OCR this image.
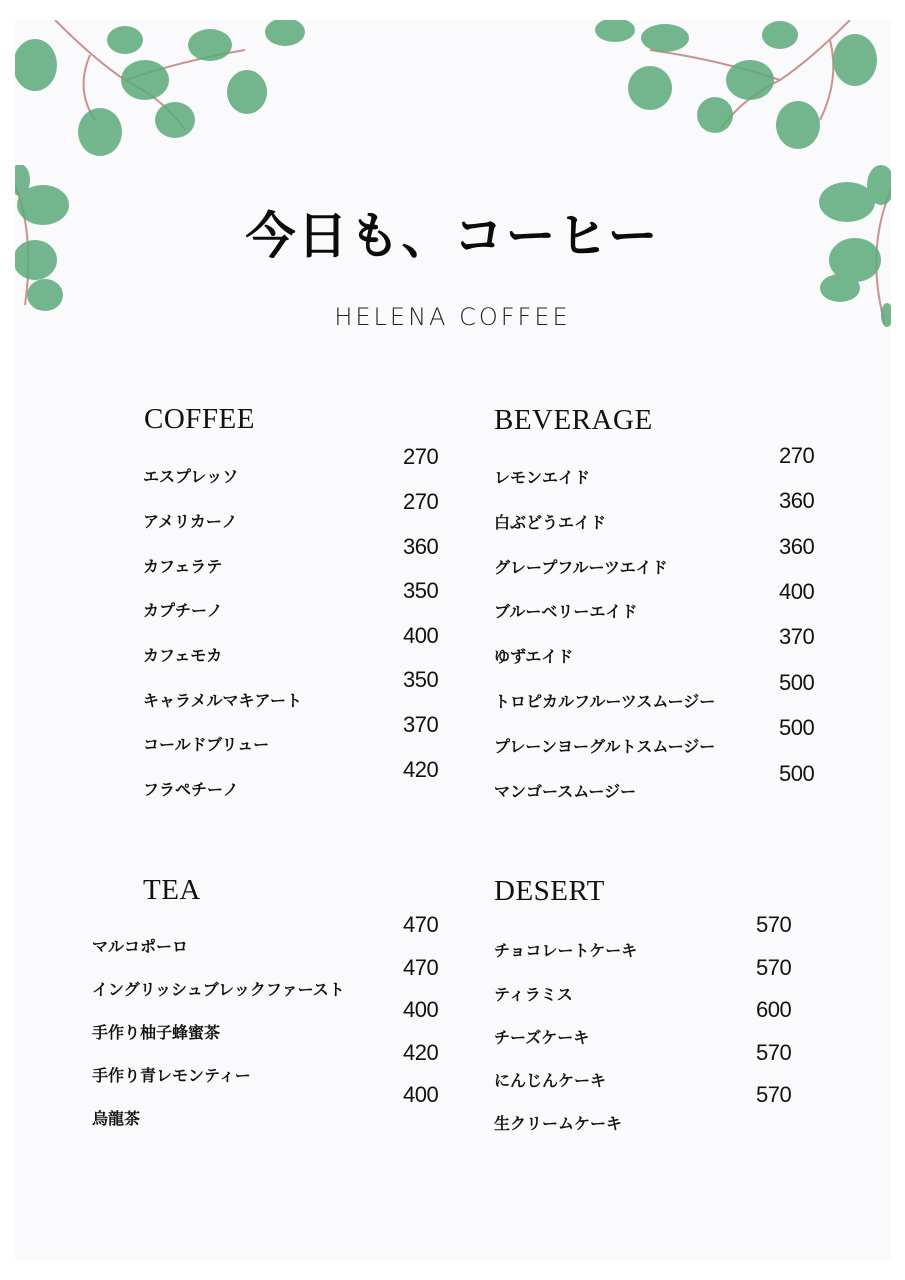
今日も、コーヒー
HELENA COFFEE
COFFEE
エスプレッソ
270
アメリカーノ
270
カフェラテ
360
カプチーノ
350
カフェモカ
400
キャラメルマキアート
350
コールドブリュー
370
フラペチーノ
420
BEVERAGE
レモンエイド
270
白ぶどうエイド
360
グレープフルーツエイド
360
ブルーベリーエイド
400
ゆずエイド
370
トロピカルフルーツスムージー
500
プレーンヨーグルトスムージー
500
マンゴースムージー
500
TEA
マルコポーロ
470
イングリッシュブレックファースト
470
手作り柚子蜂蜜茶
400
手作り青レモンティー
420
烏龍茶
400
DESERT
チョコレートケーキ
570
ティラミス
570
チーズケーキ
600
にんじんケーキ
570
生クリームケーキ
570
